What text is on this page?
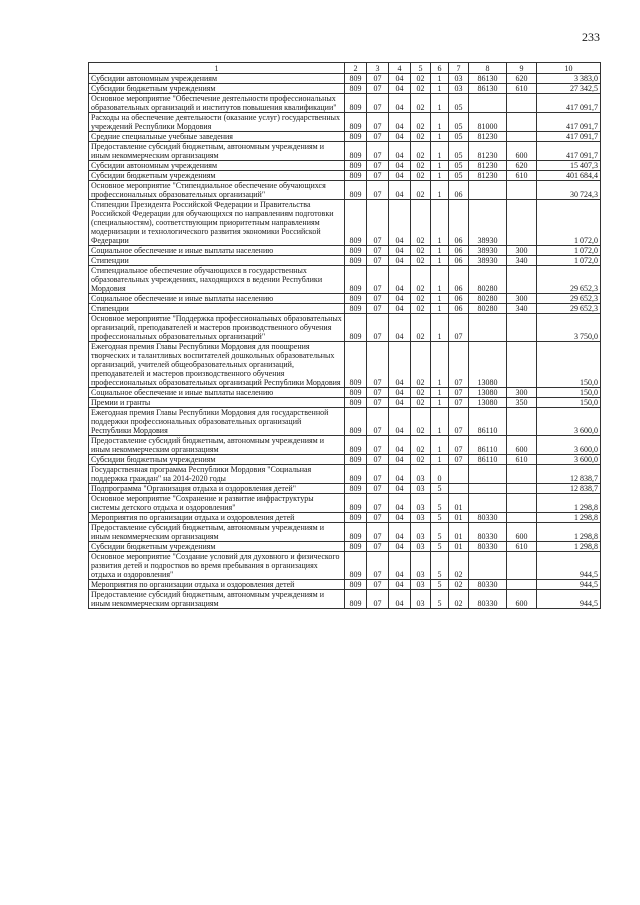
233
1	2	3	4	5	6	7	8	9	10
Субсидии автономным учреждениям	809	07	04	02	1	03	86130	620	3 383,0
Субсидии бюджетным учреждениям	809	07	04	02	1	03	86130	610	27 342,5
Основное мероприятие "Обеспечение деятельности профессиональных образовательных организаций и институтов повышения квалификации"	809	07	04	02	1	05			417 091,7
Расходы на обеспечение деятельности (оказание услуг) государственных учреждений Республики Мордовия	809	07	04	02	1	05	81000		417 091,7
Средние специальные учебные заведения	809	07	04	02	1	05	81230		417 091,7
Предоставление субсидий бюджетным, автономным учреждениям и иным некоммерческим организациям	809	07	04	02	1	05	81230	600	417 091,7
Субсидии автономным учреждениям	809	07	04	02	1	05	81230	620	15 407,3
Субсидии бюджетным учреждениям	809	07	04	02	1	05	81230	610	401 684,4
Основное мероприятие "Стипендиальное обеспечение обучающихся профессиональных образовательных организаций"	809	07	04	02	1	06			30 724,3
Стипендии Президента Российской Федерации и Правительства Российской Федерации для обучающихся по направлениям подготовки (специальностям), соответствующим приоритетным направлениям модернизации и технологического развития экономики Российской Федерации	809	07	04	02	1	06	38930		1 072,0
Социальное обеспечение и иные выплаты населению	809	07	04	02	1	06	38930	300	1 072,0
Стипендии	809	07	04	02	1	06	38930	340	1 072,0
Стипендиальное обеспечение обучающихся в государственных образовательных учреждениях, находящихся в ведении Республики Мордовия	809	07	04	02	1	06	80280		29 652,3
Социальное обеспечение и иные выплаты населению	809	07	04	02	1	06	80280	300	29 652,3
Стипендии	809	07	04	02	1	06	80280	340	29 652,3
Основное мероприятие "Поддержка профессиональных образовательных организаций, преподавателей и мастеров производственного обучения профессиональных образовательных организаций"	809	07	04	02	1	07			3 750,0
Ежегодная премия Главы Республики Мордовия для поощрения творческих и талантливых воспитателей дошкольных образовательных организаций, учителей общеобразовательных организаций, преподавателей и мастеров производственного обучения профессиональных образовательных организаций Республики Мордовия	809	07	04	02	1	07	13080		150,0
Социальное обеспечение и иные выплаты населению	809	07	04	02	1	07	13080	300	150,0
Премии и гранты	809	07	04	02	1	07	13080	350	150,0
Ежегодная премия Главы Республики Мордовия для государственной поддержки профессиональных образовательных организаций Республики Мордовия	809	07	04	02	1	07	86110		3 600,0
Предоставление субсидий бюджетным, автономным учреждениям и иным некоммерческим организациям	809	07	04	02	1	07	86110	600	3 600,0
Субсидии бюджетным учреждениям	809	07	04	02	1	07	86110	610	3 600,0
Государственная программа Республики Мордовия "Социальная поддержка граждан" на 2014-2020 годы	809	07	04	03	0				12 838,7
Подпрограмма "Организация отдыха и оздоровления детей"	809	07	04	03	5				12 838,7
Основное мероприятие "Сохранение и развитие инфраструктуры системы детского отдыха и оздоровления"	809	07	04	03	5	01			1 298,8
Мероприятия по организации отдыха и оздоровления детей	809	07	04	03	5	01	80330		1 298,8
Предоставление субсидий бюджетным, автономным учреждениям и иным некоммерческим организациям	809	07	04	03	5	01	80330	600	1 298,8
Субсидии бюджетным учреждениям	809	07	04	03	5	01	80330	610	1 298,8
Основное мероприятие "Создание условий для духовного и физического развития детей и подростков во время пребывания в организациях отдыха и оздоровления"	809	07	04	03	5	02			944,5
Мероприятия по организации отдыха и оздоровления детей	809	07	04	03	5	02	80330		944,5
Предоставление субсидий бюджетным, автономным учреждениям и иным некоммерческим организациям	809	07	04	03	5	02	80330	600	944,5
